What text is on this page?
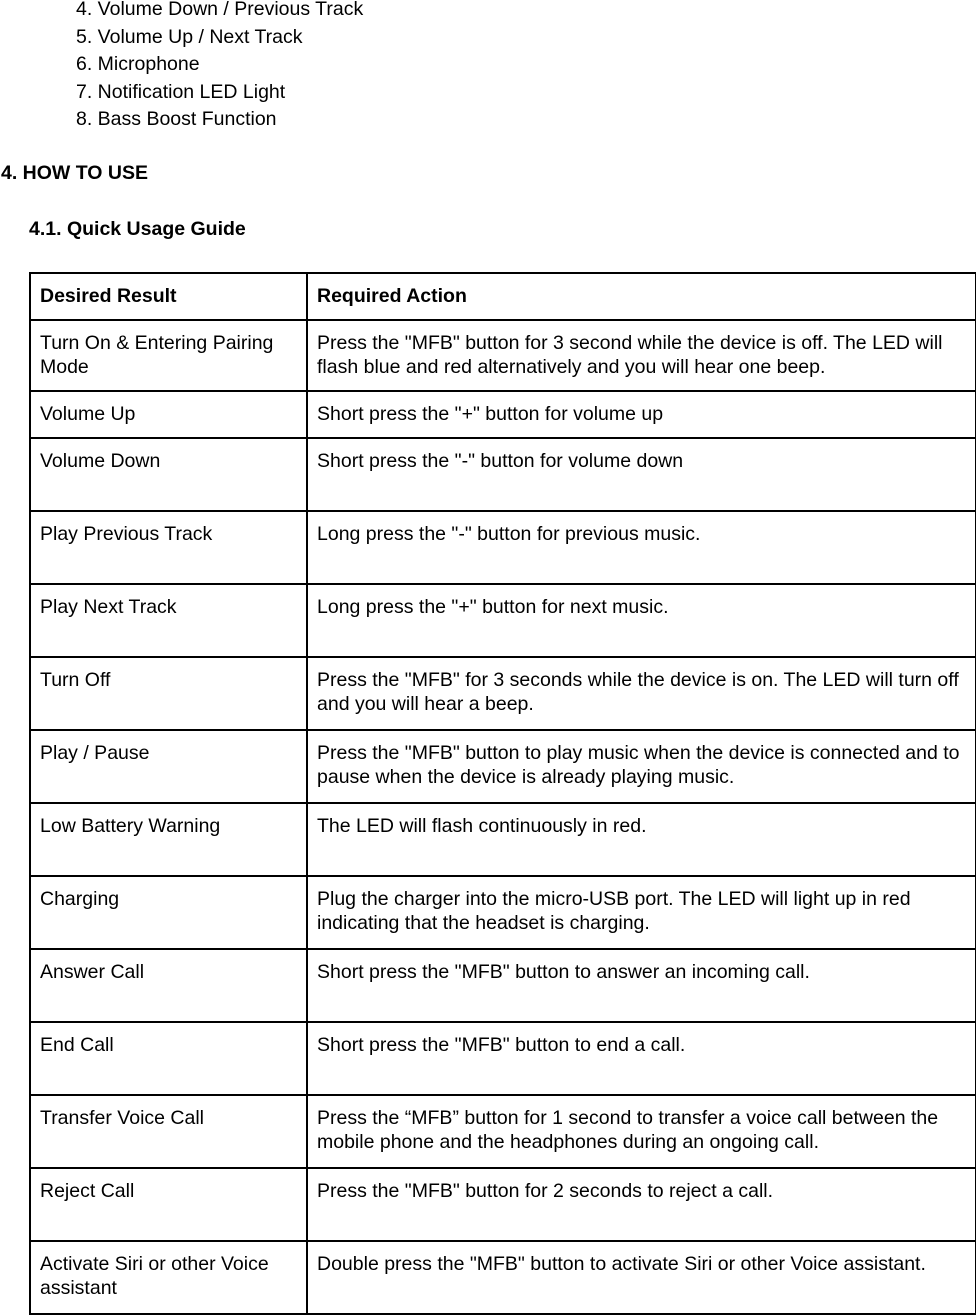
4. Volume Down / Previous Track
5. Volume Up / Next Track
6. Microphone
7. Notification LED Light
8. Bass Boost Function
4. HOW TO USE
4.1. Quick Usage Guide
Desired Result	Required Action
Turn On & Entering Pairing Mode	Press the "MFB" button for 3 second while the device is off. The LED will flash blue and red alternatively and you will hear one beep.
Volume Up	Short press the "+" button for volume up
Volume Down	Short press the "-" button for volume down
Play Previous Track	Long press the "-" button for previous music.
Play Next Track	Long press the "+" button for next music.
Turn Off	Press the "MFB" for 3 seconds while the device is on. The LED will turn off and you will hear a beep.
Play / Pause	Press the "MFB" button to play music when the device is connected and to pause when the device is already playing music.
Low Battery Warning	The LED will flash continuously in red.
Charging	Plug the charger into the micro-USB port. The LED will light up in red indicating that the headset is charging.
Answer Call	Short press the "MFB" button to answer an incoming call.
End Call	Short press the "MFB" button to end a call.
Transfer Voice Call	Press the “MFB” button for 1 second to transfer a voice call between the mobile phone and the headphones during an ongoing call.
Reject Call	Press the "MFB" button for 2 seconds to reject a call.
Activate Siri or other Voice assistant	Double press the "MFB" button to activate Siri or other Voice assistant.
